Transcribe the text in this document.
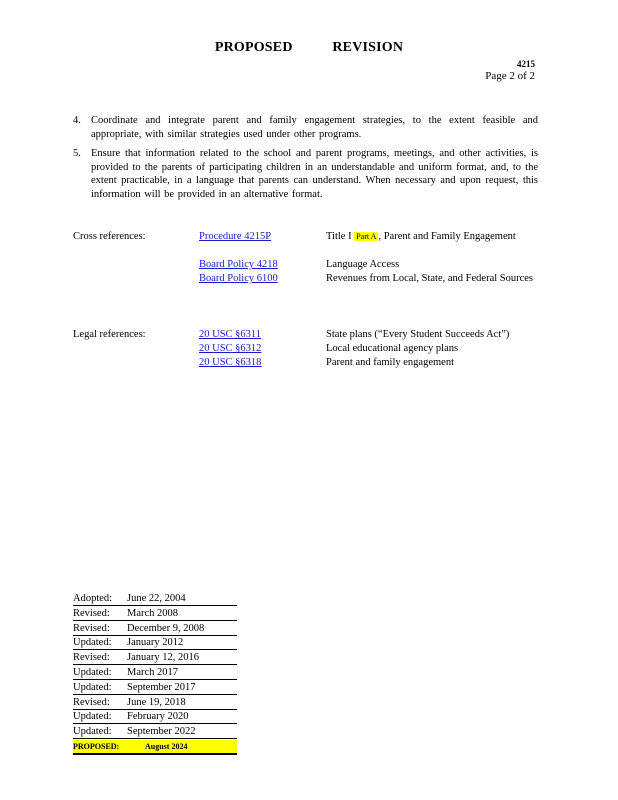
PROPOSED	REVISION
4215
Page 2 of 2
4. Coordinate and integrate parent and family engagement strategies, to the extent feasible and appropriate, with similar strategies used under other programs.
5. Ensure that information related to the school and parent programs, meetings, and other activities, is provided to the parents of participating children in an understandable and uniform format, and, to the extent practicable, in a language that parents can understand. When necessary and upon request, this information will be provided in an alternative format.
Cross references:	Procedure 4215P	Title I Part A , Parent and Family Engagement
Board Policy 4218	Language Access
Board Policy 6100	Revenues from Local, State, and Federal Sources
Legal references:	20 USC §6311	State plans (“Every Student Succeeds Act”)
20 USC §6312	Local educational agency plans
20 USC §6318	Parent and family engagement
Adopted:	June 22, 2004
Revised:	March 2008
Revised:	December 9, 2008
Updated:	January 2012
Revised:	January 12, 2016
Updated:	March 2017
Updated:	September 2017
Revised:	June 19, 2018
Updated:	February 2020
Updated:	September 2022
PROPOSED:	August 2024
